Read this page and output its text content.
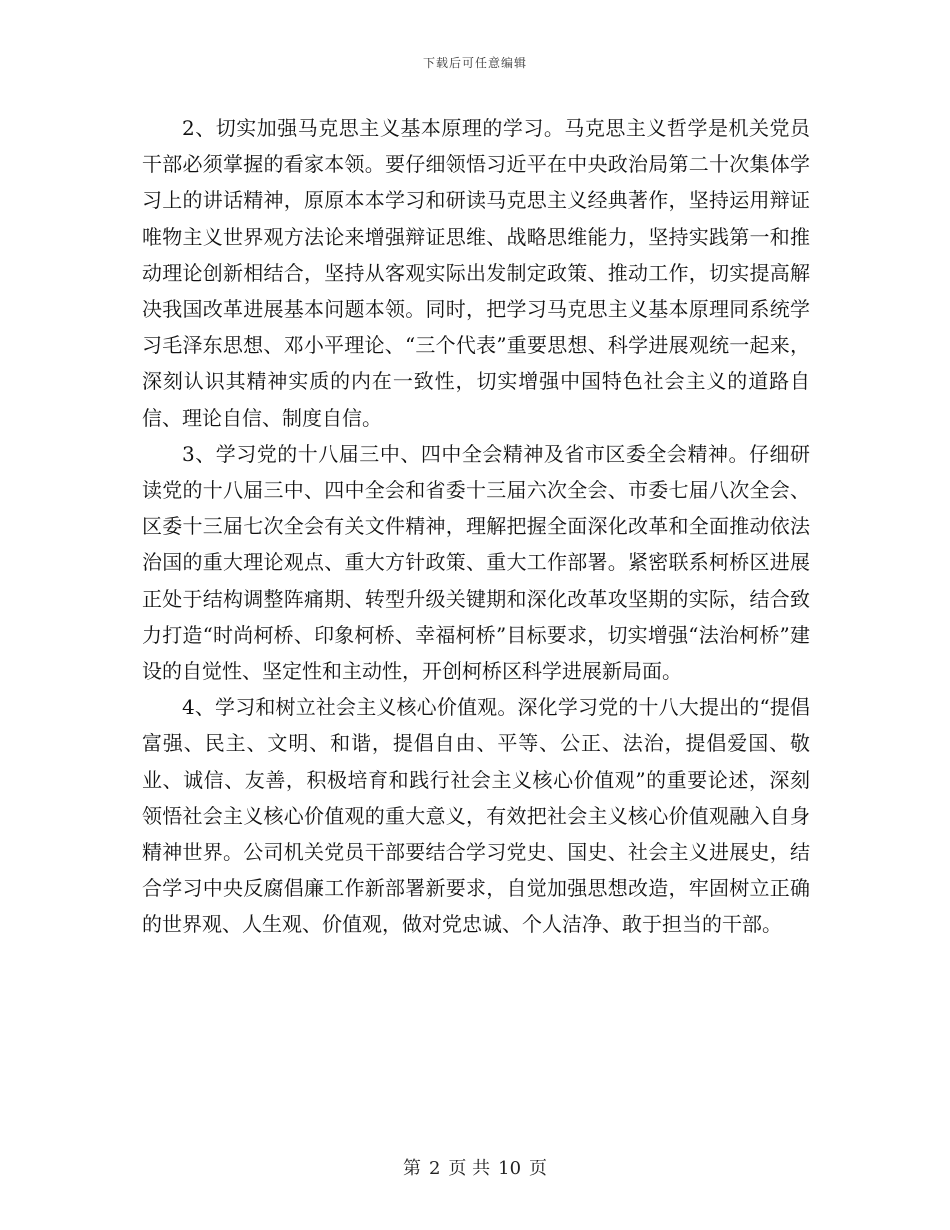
下载后可任意编辑

2、切实加强马克思主义基本原理的学习。马克思主义哲学是机关党员干部必须掌握的看家本领。要仔细领悟习近平在中央政治局第二十次集体学习上的讲话精神，原原本本学习和研读马克思主义经典著作，坚持运用辩证唯物主义世界观方法论来增强辩证思维、战略思维能力，坚持实践第一和推动理论创新相结合，坚持从客观实际出发制定政策、推动工作，切实提高解决我国改革进展基本问题本领。同时，把学习马克思主义基本原理同系统学习毛泽东思想、邓小平理论、“三个代表”重要思想、科学进展观统一起来，深刻认识其精神实质的内在一致性，切实增强中国特色社会主义的道路自信、理论自信、制度自信。

3、学习党的十八届三中、四中全会精神及省市区委全会精神。仔细研读党的十八届三中、四中全会和省委十三届六次全会、市委七届八次全会、区委十三届七次全会有关文件精神，理解把握全面深化改革和全面推动依法治国的重大理论观点、重大方针政策、重大工作部署。紧密联系柯桥区进展正处于结构调整阵痛期、转型升级关键期和深化改革攻坚期的实际，结合致力打造“时尚柯桥、印象柯桥、幸福柯桥”目标要求，切实增强“法治柯桥”建设的自觉性、坚定性和主动性，开创柯桥区科学进展新局面。

4、学习和树立社会主义核心价值观。深化学习党的十八大提出的“提倡富强、民主、文明、和谐，提倡自由、平等、公正、法治，提倡爱国、敬业、诚信、友善，积极培育和践行社会主义核心价值观”的重要论述，深刻领悟社会主义核心价值观的重大意义，有效把社会主义核心价值观融入自身精神世界。公司机关党员干部要结合学习党史、国史、社会主义进展史，结合学习中央反腐倡廉工作新部署新要求，自觉加强思想改造，牢固树立正确的世界观、人生观、价值观，做对党忠诚、个人洁净、敢于担当的干部。

第 2 页 共 10 页
